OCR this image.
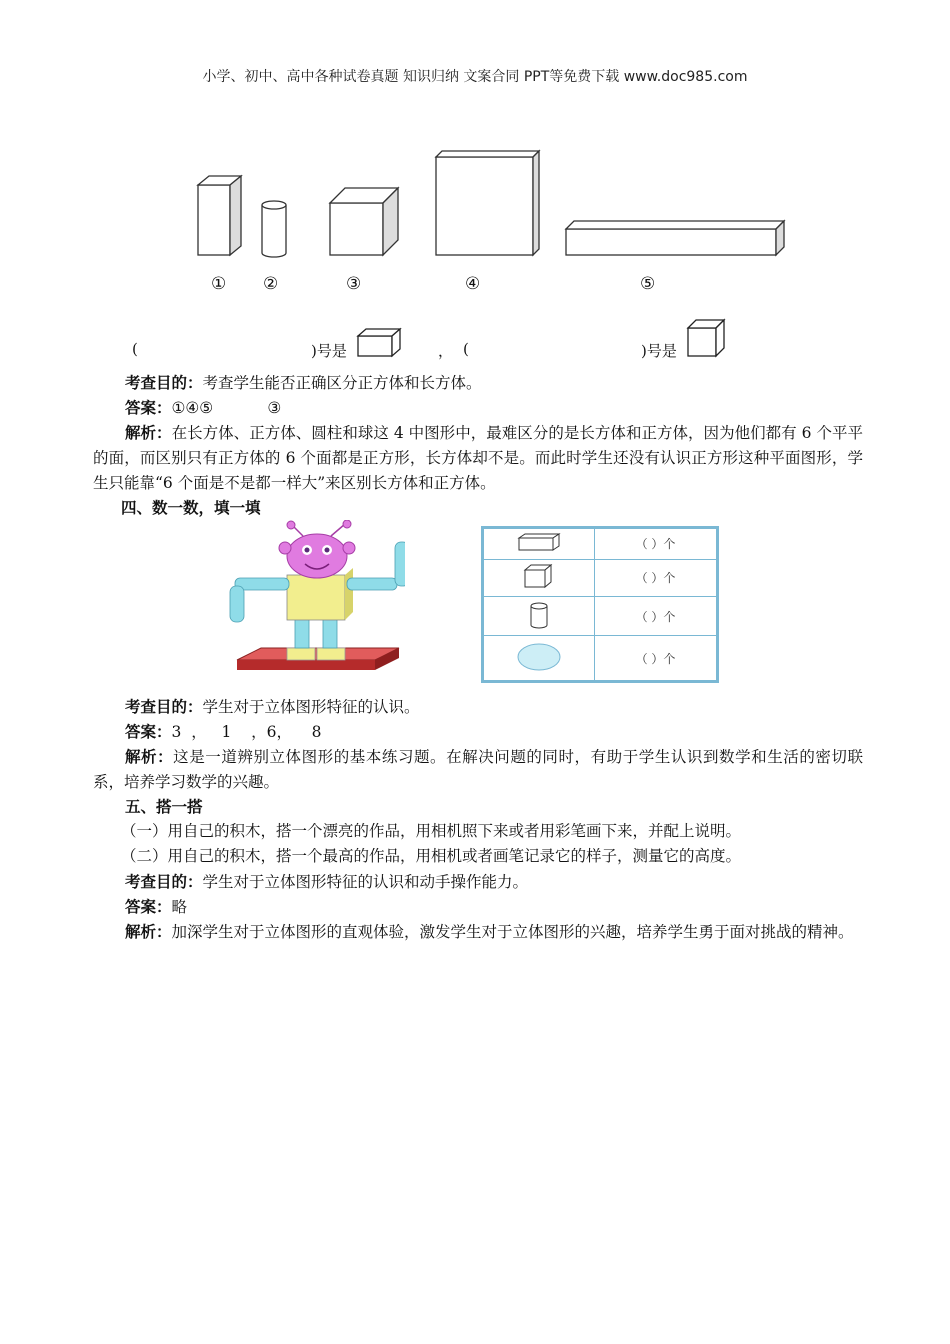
小学、初中、高中各种试卷真题 知识归纳 文案合同 PPT等免费下载 www.doc985.com
① ②	③	④	⑤
(	)号是	， (	)号是
考查目的：考查学生能否正确区分正方体和长方体。
答案：①④⑤           ③
解析：在长方体、正方体、圆柱和球这 4 中图形中，最难区分的是长方体和正方体，因为他们都有 6 个平平的面，而区别只有正方体的 6 个面都是正方形，长方体却不是。而此时学生还没有认识正方形这种平面图形，学生只能靠“6 个面是不是都一样大”来区别长方体和正方体。
四、数一数，填一填
	（ ）个
	（ ）个
	（ ）个
	（ ）个
考查目的：学生对于立体图形特征的认识。
答案：3  ，   1    ，6，    8
解析：这是一道辨别立体图形的基本练习题。在解决问题的同时，有助于学生认识到数学和生活的密切联系，培养学习数学的兴趣。
五、搭一搭
（一）用自己的积木，搭一个漂亮的作品，用相机照下来或者用彩笔画下来，并配上说明。
（二）用自己的积木，搭一个最高的作品，用相机或者画笔记录它的样子，测量它的高度。
考查目的：学生对于立体图形特征的认识和动手操作能力。
答案：略
解析：加深学生对于立体图形的直观体验，激发学生对于立体图形的兴趣，培养学生勇于面对挑战的精神。
